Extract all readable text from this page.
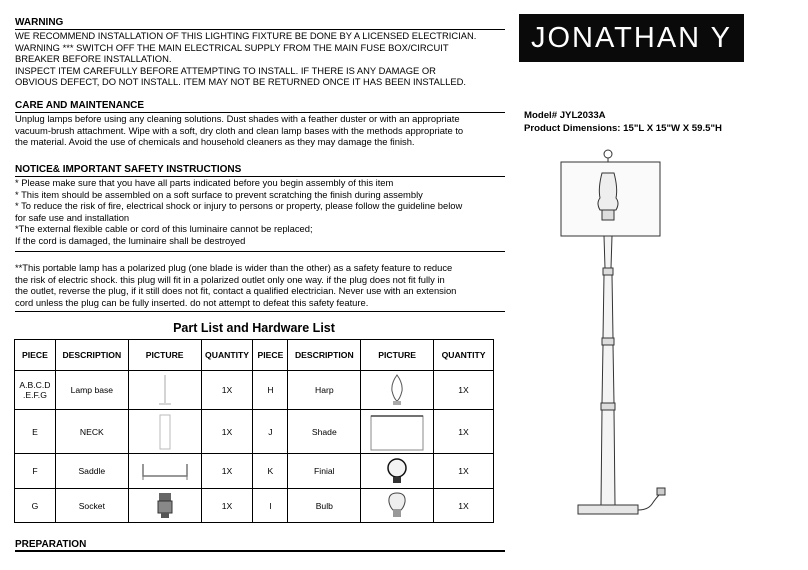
WARNING
WE RECOMMEND INSTALLATION OF THIS LIGHTING FIXTURE BE DONE BY A LICENSED ELECTRICIAN.
WARNING *** SWITCH OFF THE MAIN ELECTRICAL SUPPLY FROM THE MAIN FUSE BOX/CIRCUIT
BREAKER BEFORE INSTALLATION.
INSPECT ITEM CAREFULLY BEFORE ATTEMPTING TO INSTALL. IF THERE IS ANY DAMAGE OR
OBVIOUS DEFECT, DO NOT INSTALL. ITEM MAY NOT BE RETURNED ONCE IT HAS BEEN INSTALLED.
CARE AND MAINTENANCE
Unplug lamps before using any cleaning solutions. Dust shades with a feather duster or with an appropriate
vacuum-brush attachment. Wipe with a soft, dry cloth and clean lamp bases with the methods appropriate to
the material. Avoid the use of chemicals and household cleaners as they may damage the finish.
NOTICE& IMPORTANT SAFETY INSTRUCTIONS
* Please make sure that you have all parts indicated before you begin assembly of this item
* This item should be assembled on a soft surface to prevent scratching the finish during assembly
* To reduce the risk of fire, electrical shock or injury to persons or property, please follow the guideline below
for safe use and installation
*The external flexible cable or cord of this luminaire cannot be replaced;
If the cord is damaged, the luminaire shall be destroyed
**This portable lamp has a polarized plug (one blade is wider than the other) as a safety feature to reduce
the risk of electric shock. this plug will fit in a polarized outlet only one way. if the plug does not fit fully in
the outlet, reverse the plug, if it still does not fit, contact a qualified electrician. Never use with an extension
cord unless the plug can be fully inserted. do not attempt to defeat this safety feature.
JONATHAN Y
Model# JYL2033A
Product Dimensions: 15"L X 15"W X 59.5"H
Part List and Hardware List
PIECE	DESCRIPTION	PICTURE	QUANTITY	PIECE	DESCRIPTION	PICTURE	QUANTITY

A.B.C.D
.E.F.G	Lamp base		1X	H	Harp		1X
E	NECK		1X	J	Shade		1X
F	Saddle		1X	K	Finial		1X
G	Socket		1X	I	Bulb		1X
PREPARATION
